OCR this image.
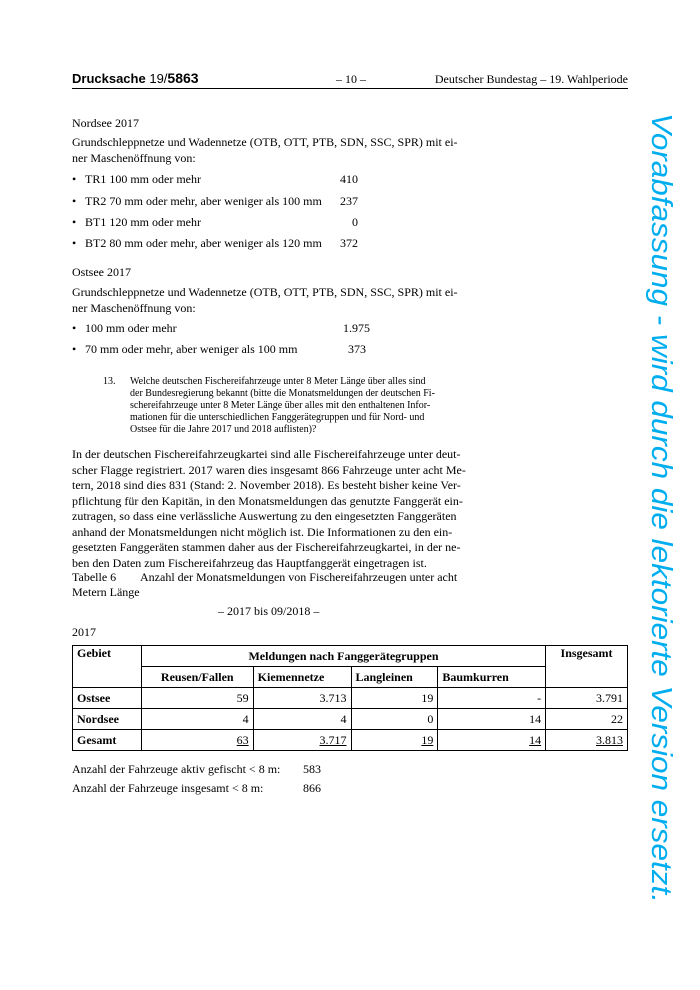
Drucksache 19/5863	– 10 –	Deutscher Bundestag – 19. Wahlperiode
Nordsee 2017
Grundschleppnetze und Wadennetze (OTB, OTT, PTB, SDN, SSC, SPR) mit ei-
ner Maschenöffnung von:
• TR1 100 mm oder mehr	410
• TR2 70 mm oder mehr, aber weniger als 100 mm	237
• BT1 120 mm oder mehr	0
• BT2 80 mm oder mehr, aber weniger als 120 mm	372
Ostsee 2017
Grundschleppnetze und Wadennetze (OTB, OTT, PTB, SDN, SSC, SPR) mit ei-
ner Maschenöffnung von:
• 100 mm oder mehr	1.975
• 70 mm oder mehr, aber weniger als 100 mm	373
13. Welche deutschen Fischereifahrzeuge unter 8 Meter Länge über alles sind
der Bundesregierung bekannt (bitte die Monatsmeldungen der deutschen Fi-
schereifahrzeuge unter 8 Meter Länge über alles mit den enthaltenen Infor-
mationen für die unterschiedlichen Fanggerätegruppen und für Nord- und
Ostsee für die Jahre 2017 und 2018 auflisten)?
In der deutschen Fischereifahrzeugkartei sind alle Fischereifahrzeuge unter deut-
scher Flagge registriert. 2017 waren dies insgesamt 866 Fahrzeuge unter acht Me-
tern, 2018 sind dies 831 (Stand: 2. November 2018). Es besteht bisher keine Ver-
pflichtung für den Kapitän, in den Monatsmeldungen das genutzte Fanggerät ein-
zutragen, so dass eine verlässliche Auswertung zu den eingesetzten Fanggeräten
anhand der Monatsmeldungen nicht möglich ist. Die Informationen zu den ein-
gesetzten Fanggeräten stammen daher aus der Fischereifahrzeugkartei, in der ne-
ben den Daten zum Fischereifahrzeug das Hauptfanggerät eingetragen ist.
Tabelle 6 Anzahl der Monatsmeldungen von Fischereifahrzeugen unter acht
Metern Länge
– 2017 bis 09/2018 –
2017
Gebiet	Meldungen nach Fanggerätegruppen				Insgesamt
	Reusen/Fallen	Kiemennetze	Langleinen	Baumkurren	
Ostsee	59	3.713	19	-	3.791
Nordsee	4	4	0	14	22
Gesamt	63	3.717	19	14	3.813
Anzahl der Fahrzeuge aktiv gefischt < 8 m: 583
Anzahl der Fahrzeuge insgesamt < 8 m:	866	Vorabfassung - wird durch die lektorierte Version ersetzt.
